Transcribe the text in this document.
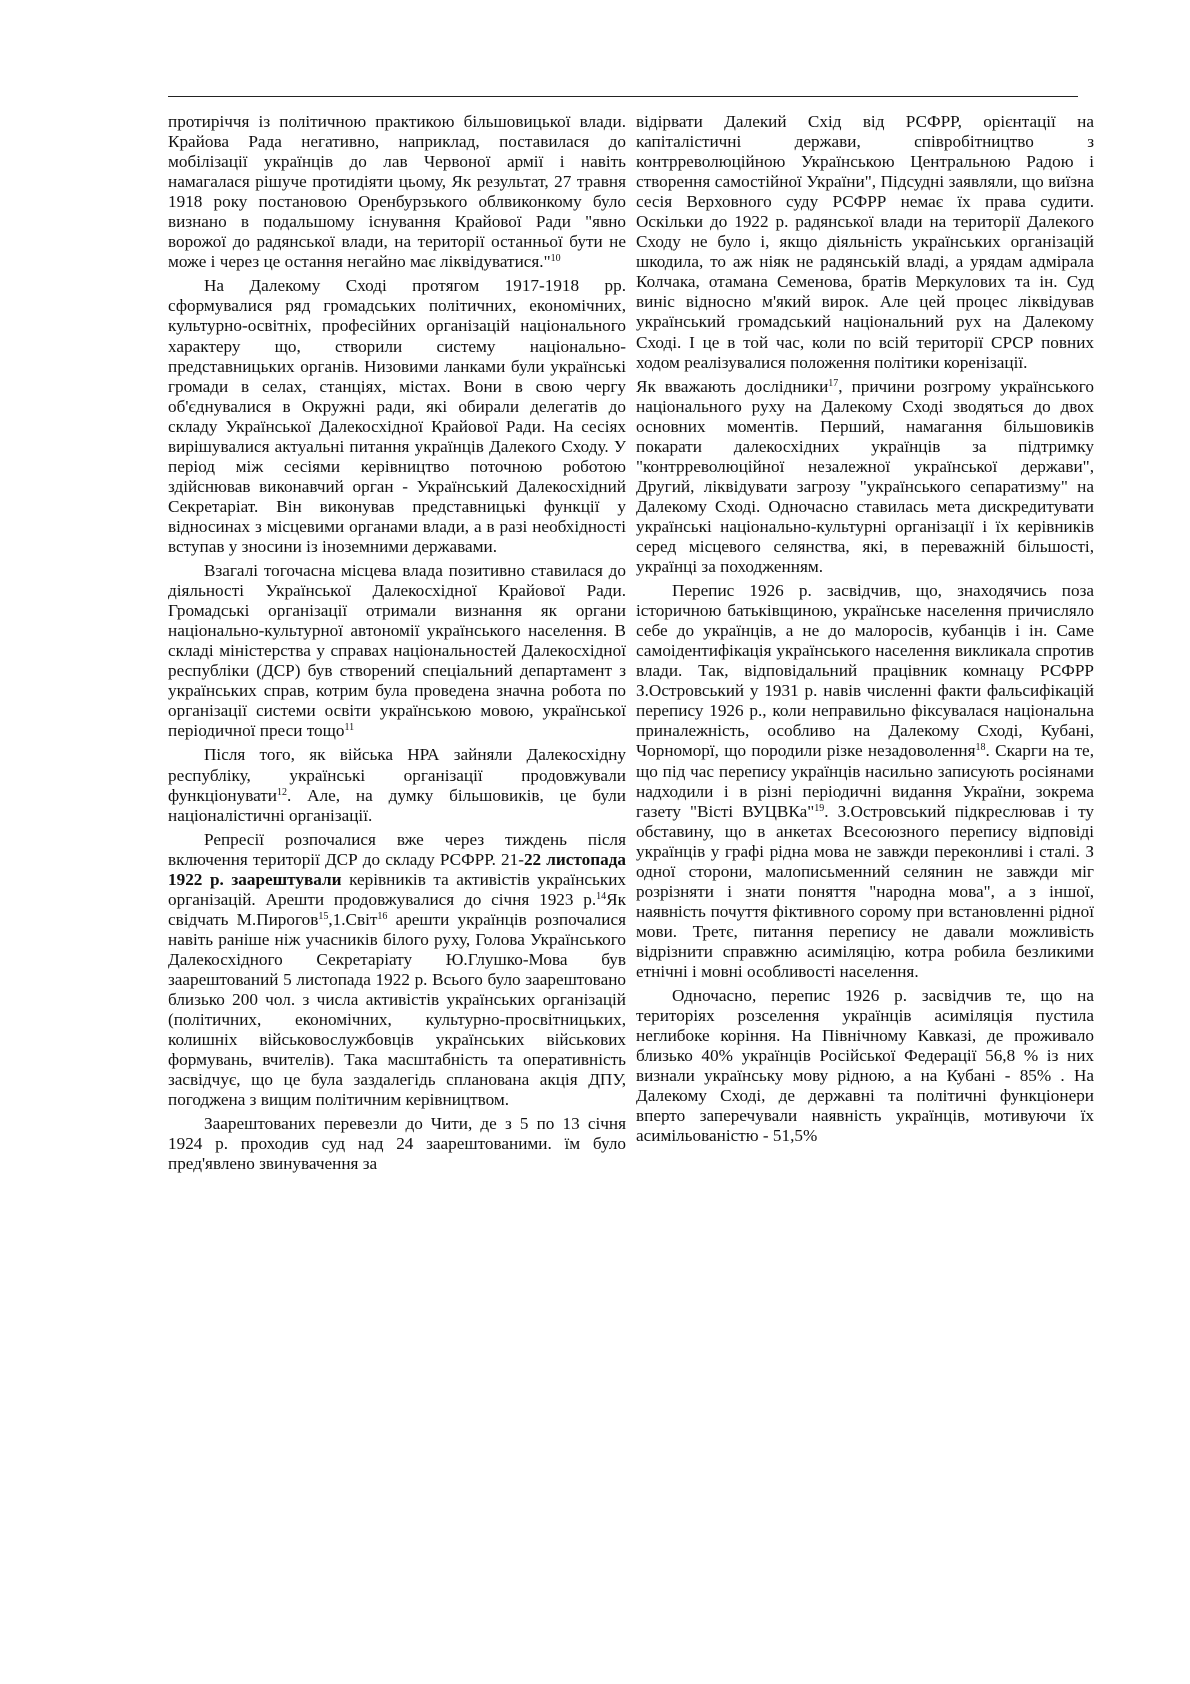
протиріччя із політичною практикою більшовицької влади. Крайова Рада негативно, наприклад, поставилася до мобілізації українців до лав Червоної армії і навіть намагалася рішуче протидіяти цьому, Як результат, 27 травня 1918 року постановою Оренбурзького облвиконкому було визнано в подальшому існування Крайової Ради "явно ворожої до радянської влади, на території останньої бути не може і через це остання негайно має ліквідуватися."$^{10}$

На Далекому Сході протягом 1917-1918 рр. сформувалися ряд громадських політичних, економічних, культурно-освітніх, професійних організацій національного характеру що, створили систему національно-представницьких органів. Низовими ланками були українські громади в селах, станціях, містах. Вони в свою чергу об'єднувалися в Окружні ради, які обирали делегатів до складу Української Далекосхідної Крайової Ради. На сесіях вирішувалися актуальні питання українців Далекого Сходу. У період між сесіями керівництво поточною роботою здійснював виконавчий орган - Український Далекосхідний Секретаріат. Він виконував представницькі функції у відносинах з місцевими органами влади, а в разі необхідності вступав у зносини із іноземними державами.

Взагалі тогочасна місцева влада позитивно ставилася до діяльності Української Далекосхідної Крайової Ради. Громадські організації отримали визнання як органи національно-культурної автономії українського населення. В складі міністерства у справах національностей Далекосхідної республіки (ДСР) був створений спеціальний департамент з українських справ, котрим була проведена значна робота по організації системи освіти українською мовою, української періодичної преси тощо$^{11}$

Після того, як війська НРА зайняли Далекосхідну республіку, українські організації продовжували функціонувати$^{12}$. Але, на думку більшовиків, це були націоналістичні організації.

Репресії розпочалися вже через тиждень після включення території ДСР до складу РСФРР. 21-22 листопада 1922 р. заарештували керівників та активістів українських організацій. Арешти продовжувалися до січня 1923 р.$^{14}$Як свідчать М.Пирогов$^{15}$,1.Світ$^{16}$ арешти українців розпочалися навіть раніше ніж учасників білого руху, Голова Українського Далекосхідного Секретаріату Ю.Глушко-Мова був заарештований 5 листопада 1922 р. Всього було заарештовано близько 200 чол. з числа активістів українських організацій (політичних, економічних, культурно-просвітницьких, колишніх військовослужбовців українських військових формувань, вчителів). Така масштабність та оперативність засвідчує, що це була заздалегідь спланована акція ДПУ, погоджена з вищим політичним керівництвом.

Заарештованих перевезли до Чити, де з 5 по 13 січня 1924 р. проходив суд над 24 заарештованими. їм було пред'явлено звинувачення за

відірвати Далекий Схід від РСФРР, орієнтації на капіталістичні держави, співробітництво з контрреволюційною Українською Центральною Радою і створення самостійної України", Підсудні заявляли, що виїзна сесія Верховного суду РСФРР немає їх права судити. Оскільки до 1922 р. радянської влади на території Далекого Сходу не було і, якщо діяльність українських організацій шкодила, то аж ніяк не радянській владі, а урядам адмірала Колчака, отамана Семенова, братів Меркулових та ін. Суд виніс відносно м'який вирок. Але цей процес ліквідував український громадський національний рух на Далекому Сході. І це в той час, коли по всій території СРСР повних ходом реалізувалися положення політики коренізації.

Як вважають дослідники$^{17}$, причини розгрому українського національного руху на Далекому Сході зводяться до двох основних моментів. Перший, намагання більшовиків покарати далекосхідних українців за підтримку "контрреволюційної незалежної української держави", Другий, ліквідувати загрозу "українського сепаратизму" на Далекому Сході. Одночасно ставилась мета дискредитувати українські національно-культурні організації і їх керівників серед місцевого селянства, які, в переважній більшості, українці за походженням.

Перепис 1926 р. засвідчив, що, знаходячись поза історичною батьківщиною, українське населення причисляло себе до українців, а не до малоросів, кубанців і ін. Саме самоідентифікація українського населення викликала спротив влади. Так, відповідальний працівник комнацу РСФРР З.Островський у 1931 р. навів численні факти фальсифікацій перепису 1926 р., коли неправильно фіксувалася національна приналежність, особливо на Далекому Сході, Кубані, Чорноморї, що породили різке незадоволення$^{18}$. Скарги на те, що під час перепису українців насильно записують росіянами надходили і в різні періодичні видання України, зокрема газету "Вісті ВУЦВКа"$^{19}$. З.Островський підкреслював і ту обставину, що в анкетах Всесоюзного перепису відповіді українців у графі рідна мова не завжди переконливі і сталі. З одної сторони, малописьменний селянин не завжди міг розрізняти і знати поняття "народна мова", а з іншої, наявність почуття фіктивного сорому при встановленні рідної мови. Третє, питання перепису не давали можливість відрізнити справжню асиміляцію, котра робила безликими етнічні і мовні особливості населення.

Одночасно, перепис 1926 р. засвідчив те, що на територіях розселення українців асиміляція пустила неглибоке коріння. На Північному Кавказі, де проживало близько 40% українців Російської Федерації 56,8 % із них визнали українську мову рідною, а на Кубані - 85% . На Далекому Сході, де державні та політичні функціонери вперто заперечували наявність українців, мотивуючи їх асимільованістю - 51,5%
